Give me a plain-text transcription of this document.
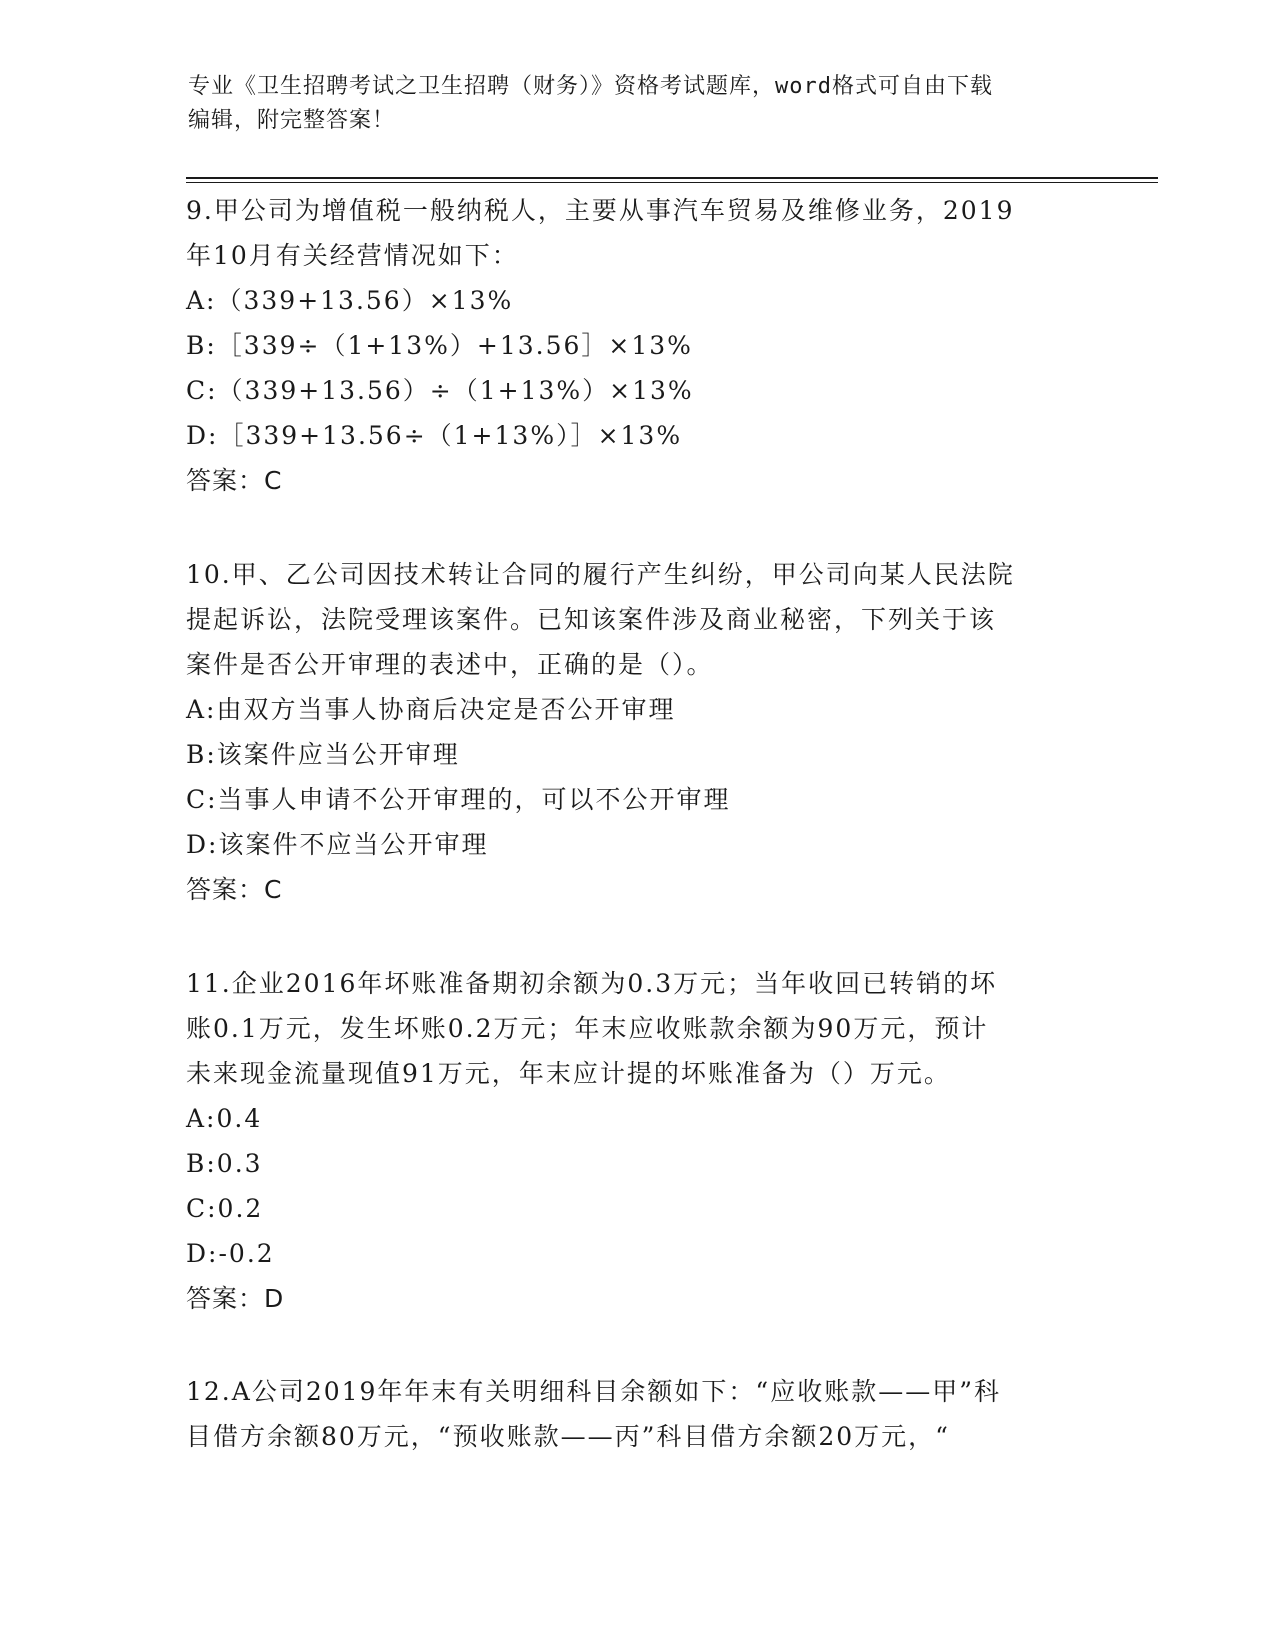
专业《卫生招聘考试之卫生招聘（财务）》资格考试题库，word格式可自由下载
编辑，附完整答案！
9.甲公司为增值税一般纳税人，主要从事汽车贸易及维修业务，2019
年10月有关经营情况如下：
A:（339+13.56）×13%
B:［339÷（1+13%）+13.56］×13%
C:（339+13.56）÷（1+13%）×13%
D:［339+13.56÷（1+13%）］×13%
答案：C
10.甲、乙公司因技术转让合同的履行产生纠纷，甲公司向某人民法院
提起诉讼，法院受理该案件。已知该案件涉及商业秘密，下列关于该
案件是否公开审理的表述中，正确的是（）。
A:由双方当事人协商后决定是否公开审理
B:该案件应当公开审理
C:当事人申请不公开审理的，可以不公开审理
D:该案件不应当公开审理
答案：C
11.企业2016年坏账准备期初余额为0.3万元；当年收回已转销的坏
账0.1万元，发生坏账0.2万元；年末应收账款余额为90万元，预计
未来现金流量现值91万元，年末应计提的坏账准备为（）万元。
A:0.4
B:0.3
C:0.2
D:-0.2
答案：D
12.A公司2019年年末有关明细科目余额如下：“应收账款——甲”科
目借方余额80万元，“预收账款——丙”科目借方余额20万元，“
